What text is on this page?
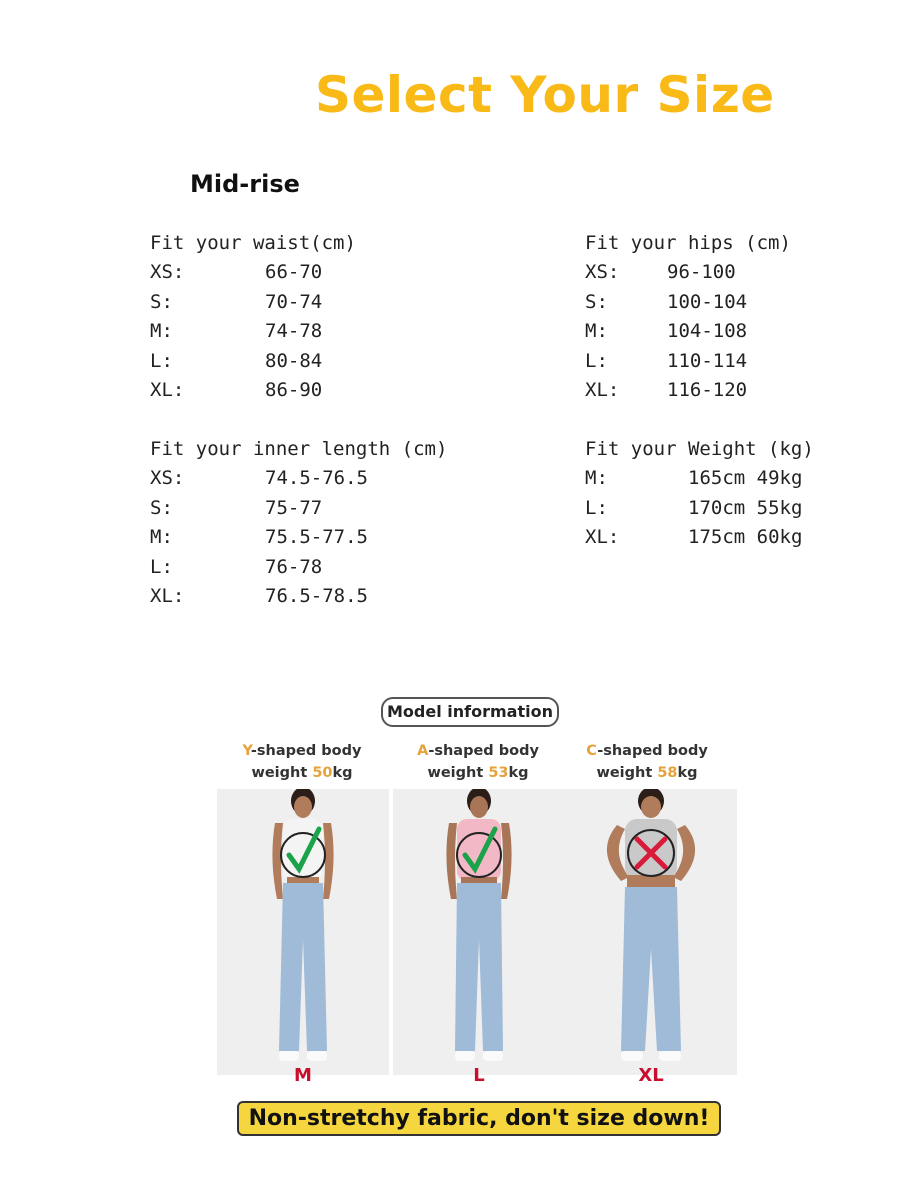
Select Your Size
Mid-rise
Fit your waist(cm)
XS:	66-70
S:	70-74
M:	74-78
L:	80-84
XL:	86-90
Fit your hips (cm)
XS:	96-100
S:	100-104
M:	104-108
L:	110-114
XL:	116-120
Fit your inner length (cm)
XS:	74.5-76.5
S:	75-77
M:	75.5-77.5
L:	76-78
XL:	76.5-78.5
Fit your Weight (kg)
M:	165cm 49kg
L:	170cm 55kg
XL:	175cm 60kg
Model information
Y-shaped body
weight 50kg
A-shaped body
weight 53kg
C-shaped body
weight 58kg
M	L	XL
Non-stretchy fabric, don't size down!
